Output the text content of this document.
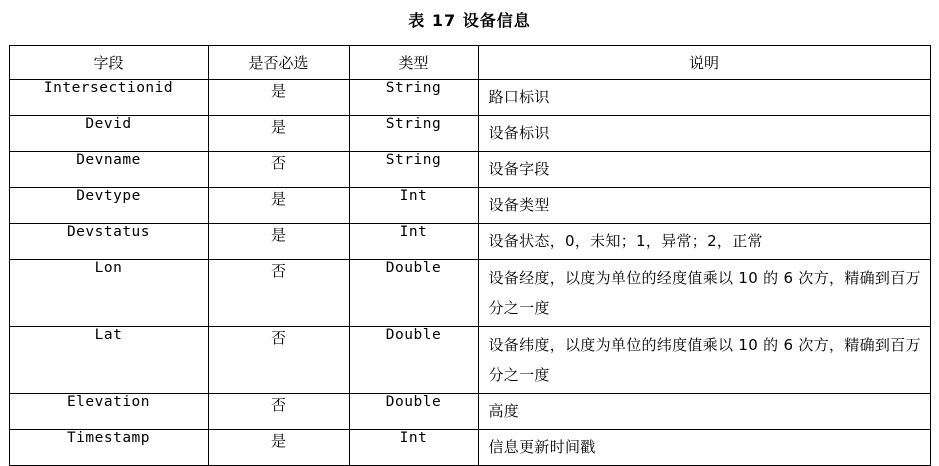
表 17 设备信息
字段	是否必选	类型	说明

Intersectionid	是	String	路口标识

Devid	是	String	设备标识

Devname	否	String	设备字段

Devtype	是	Int	设备类型

Devstatus	是	Int	设备状态，0，未知；1，异常；2，正常

Lon	否	Double	设备经度，以度为单位的经度值乘以 10 的 6 次方，精确到百万分之一度

Lat	否	Double	设备纬度，以度为单位的纬度值乘以 10 的 6 次方，精确到百万分之一度

Elevation	否	Double	高度

Timestamp	是	Int	信息更新时间戳
